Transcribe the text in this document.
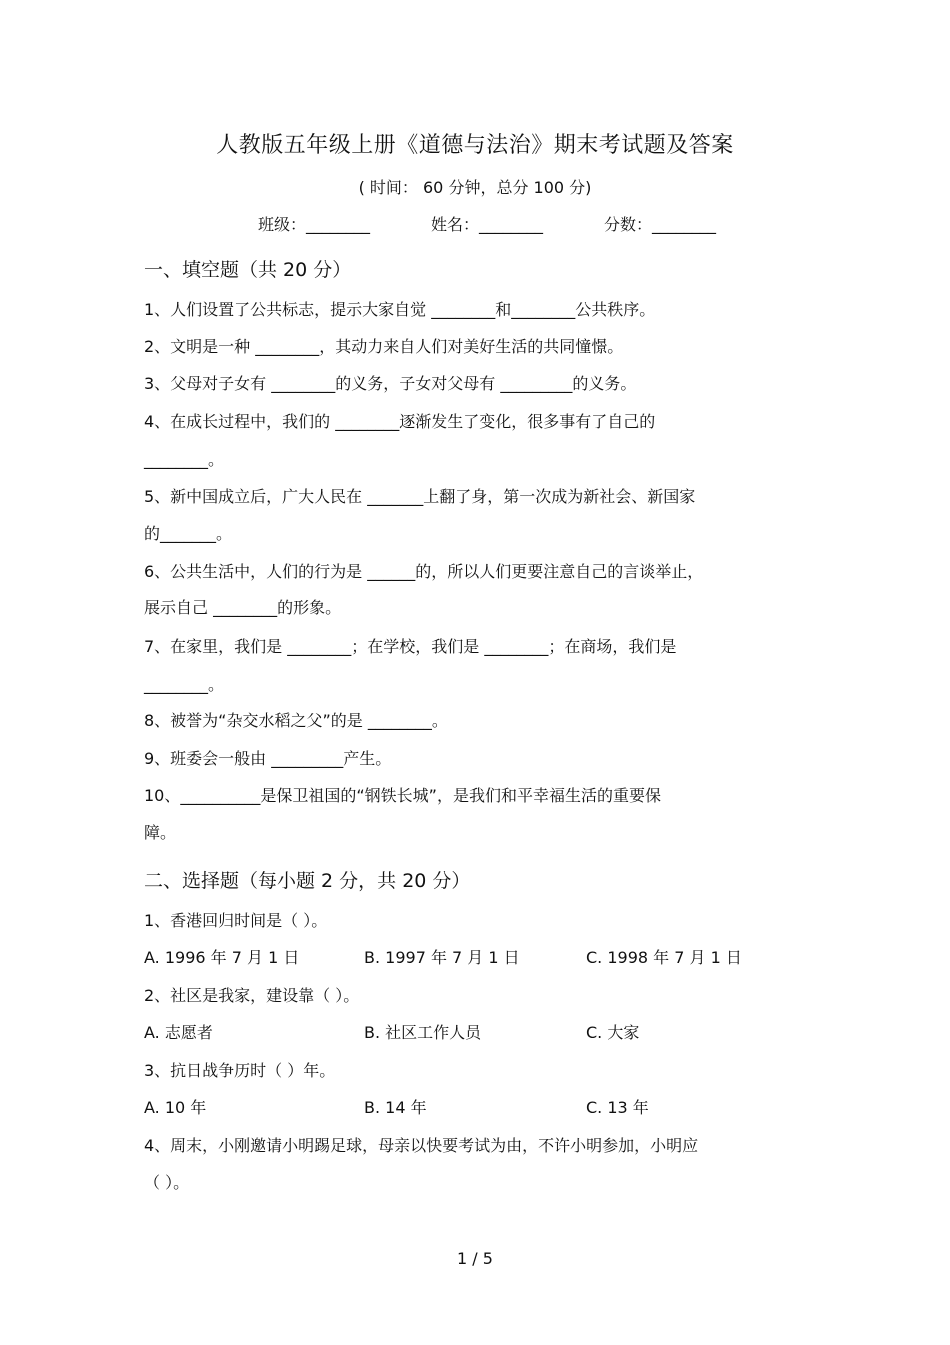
人教版五年级上册《道德与法治》期末考试题及答案
( 时间： 60 分钟，总分 100 分)
班级：________	姓名：________	分数：________
一、填空题（共 20 分）
1、人们设置了公共标志，提示大家自觉 ________和________公共秩序。
2、文明是一种 ________，其动力来自人们对美好生活的共同憧憬。
3、父母对子女有 ________的义务，子女对父母有 _________的义务。
4、在成长过程中，我们的 ________逐渐发生了变化，很多事有了自己的
________。
5、新中国成立后，广大人民在 _______上翻了身，第一次成为新社会、新国家
的_______。
6、公共生活中，人们的行为是 ______的，所以人们更要注意自己的言谈举止，
展示自己 ________的形象。
7、在家里，我们是 ________；在学校，我们是 ________；在商场，我们是
________。
8、被誉为“杂交水稻之父”的是 ________。
9、班委会一般由 _________产生。
10、__________是保卫祖国的“钢铁长城”，是我们和平幸福生活的重要保
障。
二、选择题（每小题 2 分，共 20 分）
1、香港回归时间是（ ）。
A. 1996 年 7 月 1 日	B. 1997 年 7 月 1 日	C. 1998 年 7 月 1 日
2、社区是我家，建设靠（ ）。
A. 志愿者	B. 社区工作人员	C. 大家
3、抗日战争历时（ ）年。
A. 10 年	B. 14 年	C. 13 年
4、周末，小刚邀请小明踢足球，母亲以快要考试为由，不许小明参加，小明应
（ ）。
1 / 5
